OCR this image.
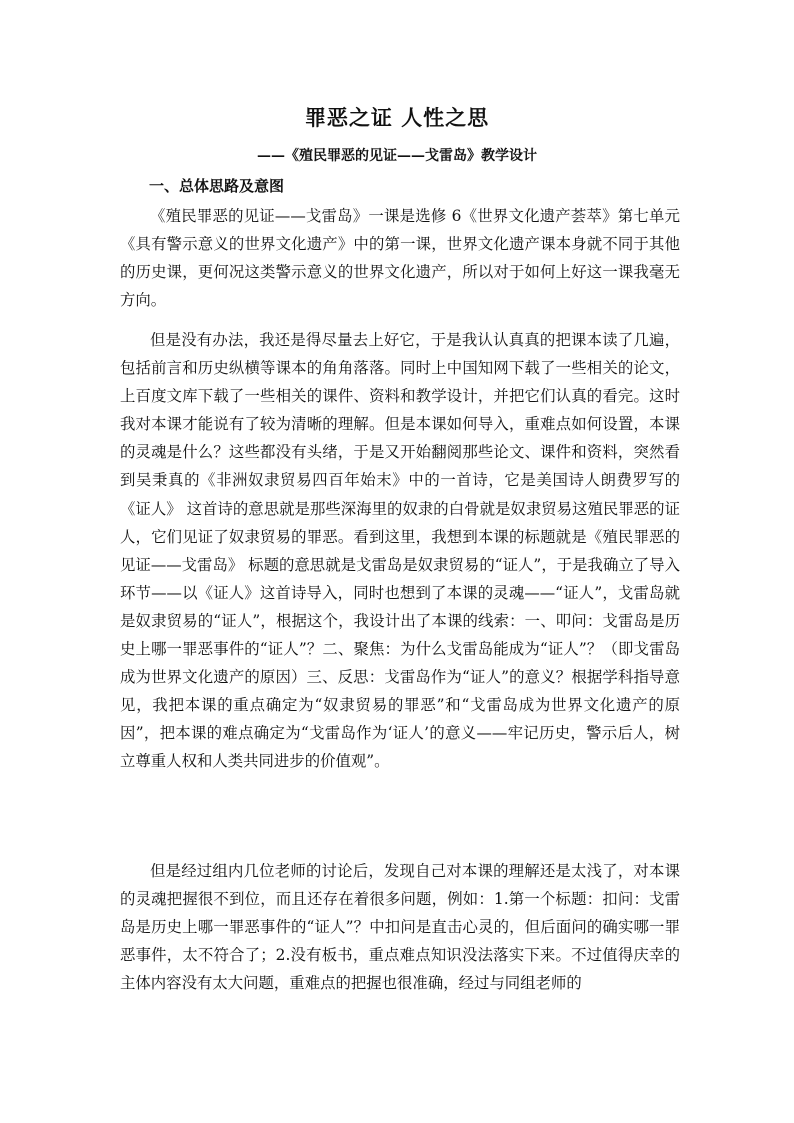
罪恶之证 人性之思
——《殖民罪恶的见证——戈雷岛》教学设计
一、总体思路及意图

《殖民罪恶的见证——戈雷岛》一课是选修 6《世界文化遗产荟萃》第七单元《具有警示意义的世界文化遗产》中的第一课，世界文化遗产课本身就不同于其他的历史课，更何况这类警示意义的世界文化遗产，所以对于如何上好这一课我毫无方向。

但是没有办法，我还是得尽量去上好它，于是我认认真真的把课本读了几遍，包括前言和历史纵横等课本的角角落落。同时上中国知网下载了一些相关的论文，上百度文库下载了一些相关的课件、资料和教学设计，并把它们认真的看完。这时我对本课才能说有了较为清晰的理解。但是本课如何导入，重难点如何设置，本课的灵魂是什么？这些都没有头绪，于是又开始翻阅那些论文、课件和资料，突然看到吴秉真的《非洲奴隶贸易四百年始末》中的一首诗，它是美国诗人朗费罗写的《证人》 这首诗的意思就是那些深海里的奴隶的白骨就是奴隶贸易这殖民罪恶的证人，它们见证了奴隶贸易的罪恶。看到这里，我想到本课的标题就是《殖民罪恶的见证——戈雷岛》 标题的意思就是戈雷岛是奴隶贸易的“证人”，于是我确立了导入环节——以《证人》这首诗导入，同时也想到了本课的灵魂——“证人”，戈雷岛就是奴隶贸易的“证人”，根据这个，我设计出了本课的线索：一、叩问：戈雷岛是历史上哪一罪恶事件的“证人”？二、聚焦：为什么戈雷岛能成为“证人”？（即戈雷岛成为世界文化遗产的原因）三、反思：戈雷岛作为“证人”的意义？根据学科指导意见，我把本课的重点确定为“奴隶贸易的罪恶”和“戈雷岛成为世界文化遗产的原因”，把本课的难点确定为“戈雷岛作为‘证人’的意义——牢记历史，警示后人，树立尊重人权和人类共同进步的价值观”。

但是经过组内几位老师的讨论后，发现自己对本课的理解还是太浅了，对本课的灵魂把握很不到位，而且还存在着很多问题，例如：1.第一个标题：扣问：戈雷岛是历史上哪一罪恶事件的“证人”？中扣问是直击心灵的，但后面问的确实哪一罪恶事件，太不符合了；2.没有板书，重点难点知识没法落实下来。不过值得庆幸的主体内容没有太大问题，重难点的把握也很准确，经过与同组老师的
